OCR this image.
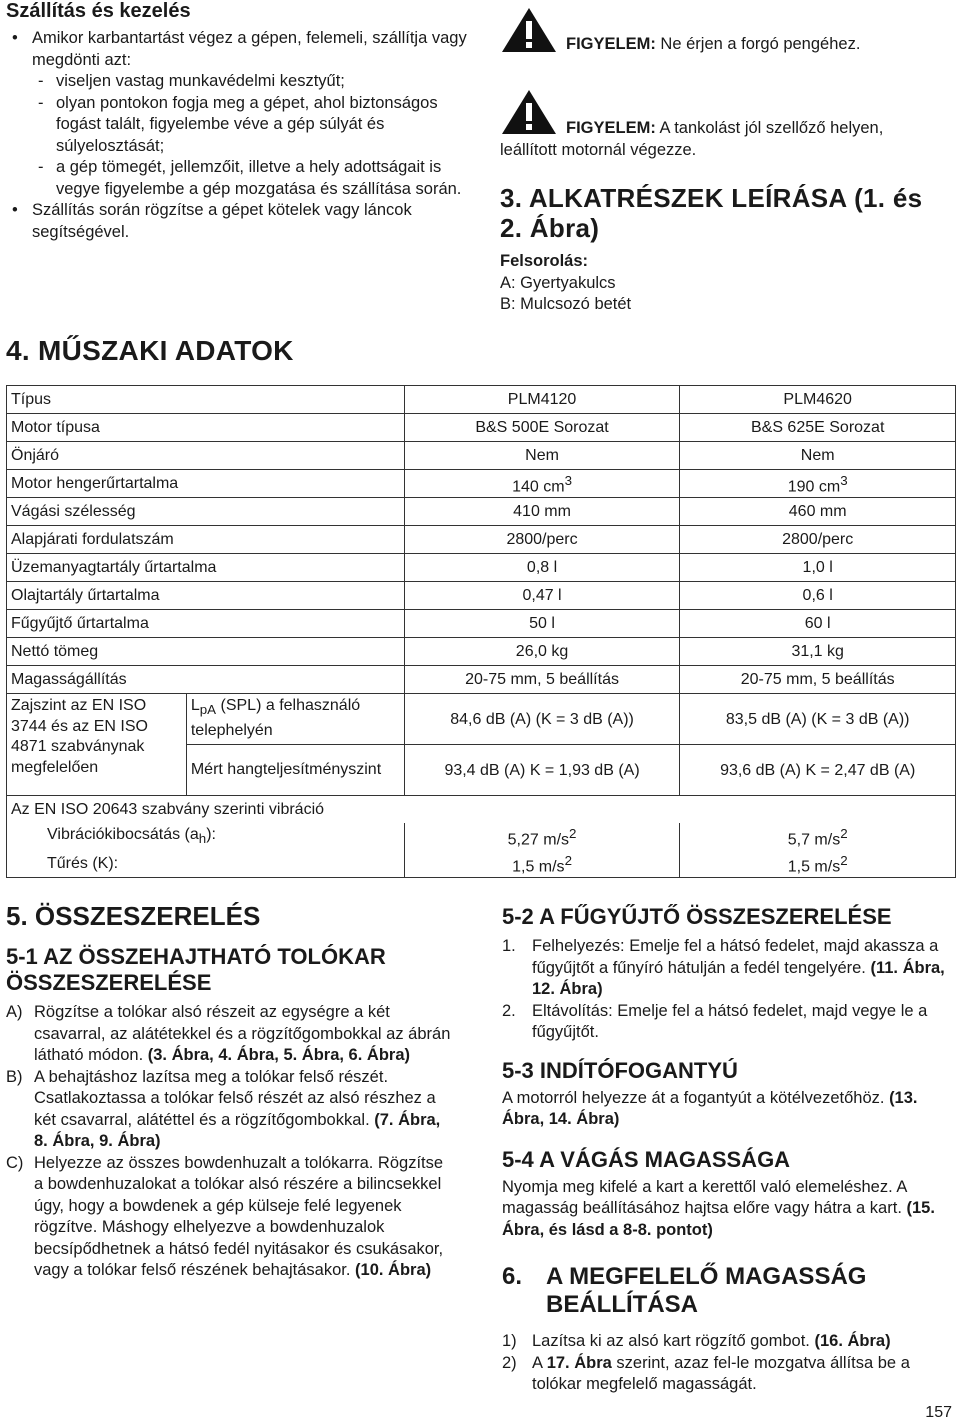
Szállítás és kezelés
• Amikor karbantartást végez a gépen, felemeli, szállítja vagy megdönti azt:
- viseljen vastag munkavédelmi kesztyűt;
- olyan pontokon fogja meg a gépet, ahol biztonságos fogást talált, figyelembe véve a gép súlyát és súlyelosztását;
- a gép tömegét, jellemzőit, illetve a hely adottságait is vegye figyelembe a gép mozgatása és szállítása során.
• Szállítás során rögzítse a gépet kötelek vagy láncok segítségével.
FIGYELEM: Ne érjen a forgó pengéhez.
FIGYELEM: A tankolást jól szellőző helyen, leállított motornál végezze.
3. ALKATRÉSZEK LEÍRÁSA (1. és 2. Ábra)
Felsorolás:
A: Gyertyakulcs
B: Mulcsozó betét
4. MŰSZAKI ADATOK
Típus		PLM4120	PLM4620
Motor típusa		B&S 500E Sorozat	B&S 625E Sorozat
Önjáró		Nem	Nem
Motor hengerűrtartalma		140 $cm^3$	190 $cm^3$
Vágási szélesség		410 mm	460 mm
Alapjárati fordulatszám		2800/perc	2800/perc
Üzemanyagtartály űrtartalma		0,8 l	1,0 l
Olajtartály űrtartalma		0,47 l	0,6 l
Fűgyűjtő űrtartalma		50 l	60 l
Nettó tömeg		26,0 kg	31,1 kg
Magasságállítás		20-75 mm, 5 beállítás	20-75 mm, 5 beállítás
Zajszint az EN ISO 3744 és az EN ISO 4871 szabványnak megfelelően	$L_{pA}$ (SPL) a felhasználó telephelyén	84,6 dB (A) (K = 3 dB (A))	83,5 dB (A) (K = 3 dB (A))
	Mért hangteljesítményszint	93,4 dB (A) K = 1,93 dB (A)	93,6 dB (A) K = 2,47 dB (A)
Az EN ISO 20643 szabvány szerinti vibráció			
Vibrációkibocsátás $(a_h)$:		5,27 $m/s^2$	5,7 $m/s^2$
Tűrés (K):		1,5 $m/s^2$	1,5 $m/s^2$
5. ÖSSZESZERELÉS
5-1 AZ ÖSSZEHAJTHATÓ TOLÓKAR ÖSSZESZERELÉSE
A) Rögzítse a tolókar alsó részeit az egységre a két csavarral, az alátétekkel és a rögzítőgombokkal az ábrán látható módon. (3. Ábra, 4. Ábra, 5. Ábra, 6. Ábra)
B) A behajtáshoz lazítsa meg a tolókar felső részét. Csatlakoztassa a tolókar felső részét az alsó részhez a két csavarral, alátéttel és a rögzítőgombokkal. (7. Ábra, 8. Ábra, 9. Ábra)
C) Helyezze az összes bowdenhuzalt a tolókarra. Rögzítse a bowdenhuzalokat a tolókar alsó részére a bilincsekkel úgy, hogy a bowdenek a gép külseje felé legyenek rögzítve. Máshogy elhelyezve a bowdenhuzalok becsípődhetnek a hátsó fedél nyitásakor és csukásakor, vagy a tolókar felső részének behajtásakor. (10. Ábra)
5-2 A FŰGYŰJTŐ ÖSSZESZERELÉSE
1. Felhelyezés: Emelje fel a hátsó fedelet, majd akassza a fűgyűjtőt a fűnyíró hátulján a fedél tengelyére. (11. Ábra, 12. Ábra)
2. Eltávolítás: Emelje fel a hátsó fedelet, majd vegye le a fűgyűjtőt.
5-3 INDÍTÓFOGANTYÚ
A motorról helyezze át a fogantyút a kötélvezetőhöz. (13. Ábra, 14. Ábra)
5-4 A VÁGÁS MAGASSÁGA
Nyomja meg kifelé a kart a kerettől való elemeléshez. A magasság beállításához hajtsa előre vagy hátra a kart. (15. Ábra, és lásd a 8-8. pontot)
6. A MEGFELELŐ MAGASSÁG BEÁLLÍTÁSA
1) Lazítsa ki az alsó kart rögzítő gombot. (16. Ábra)
2) A 17. Ábra szerint, azaz fel-le mozgatva állítsa be a tolókar megfelelő magasságát.
157
